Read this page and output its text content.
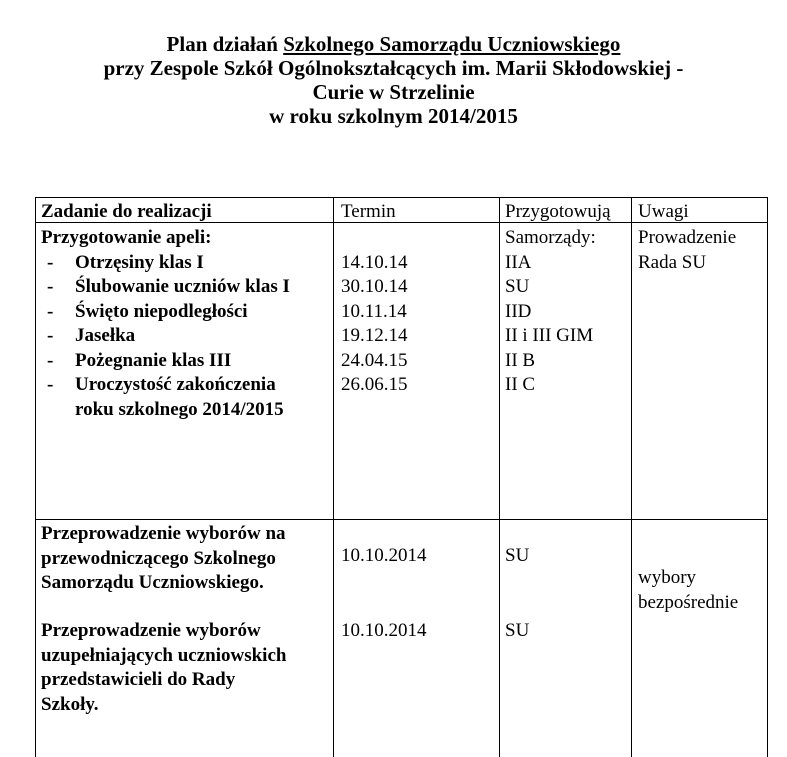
Plan działań Szkolnego Samorządu Uczniowskiego
przy Zespole Szkół Ogólnokształcących im. Marii Skłodowskiej -
Curie w Strzelinie
w roku szkolnym 2014/2015
Zadanie do realizacji	Termin	Przygotowują Uwagi
Przygotowanie apeli:
- Otrzęsiny klas I
- Ślubowanie uczniów klas I
- Święto niepodległości
- Jasełka
- Pożegnanie klas III
- Uroczystość zakończenia
roku szkolnego 2014/2015
14.10.14
30.10.14
10.11.14
19.12.14
24.04.15
26.06.15
Samorządy:
IIA
SU
IID
II i III GIM
II B
II C
Prowadzenie
Rada SU
Przeprowadzenie wyborów na
przewodniczącego Szkolnego
Samorządu Uczniowskiego.
Przeprowadzenie wyborów
uzupełniających uczniowskich
przedstawicieli do Rady
Szkoły.
10.10.2014
10.10.2014
SU
SU
wybory
bezpośrednie
